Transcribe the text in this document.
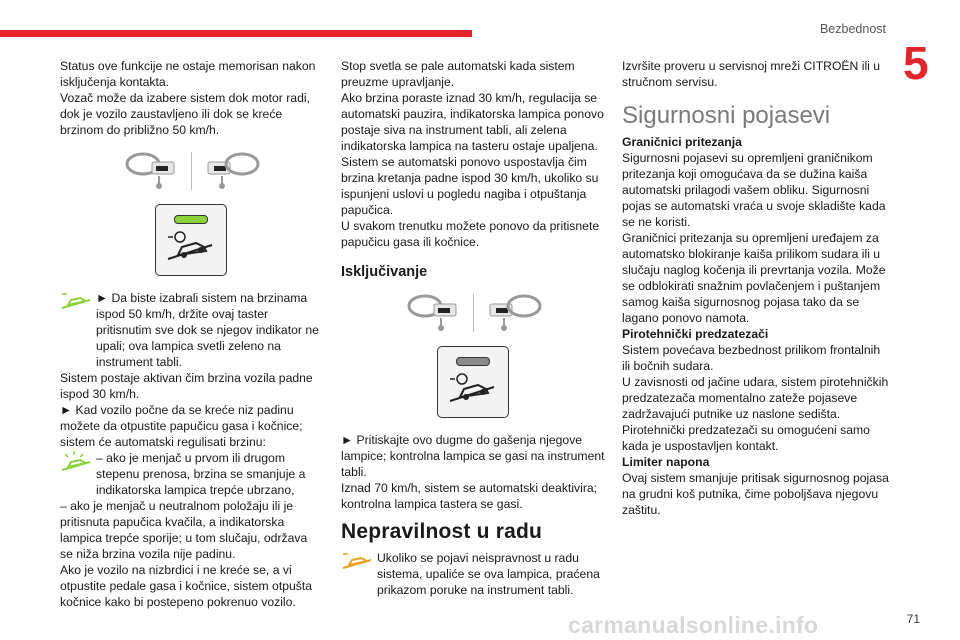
Bezbednost
5

Status ove funkcije ne ostaje memorisan nakon isključenja kontakta.

Vozač može da izabere sistem dok motor radi, dok je vozilo zaustavljeno ili dok se kreće brzinom do približno 50 km/h.

► Da biste izabrali sistem na brzinama ispod 50 km/h, držite ovaj taster pritisnutim sve dok se njegov indikator ne upali; ova lampica svetli zeleno na instrument tabli.

Sistem postaje aktivan čim brzina vozila padne ispod 30 km/h.

► Kad vozilo počne da se kreće niz padinu možete da otpustite papučicu gasa i kočnice; sistem će automatski regulisati brzinu:

– ako je menjač u prvom ili drugom stepenu prenosa, brzina se smanjuje a indikatorska lampica trepće ubrzano,

– ako je menjač u neutralnom položaju ili je pritisnuta papučica kvačila, a indikatorska lampica trepće sporije; u tom slučaju, održava se niža brzina vozila nije padinu.

Ako je vozilo na nizbrdici i ne kreće se, a vi otpustite pedale gasa i kočnice, sistem otpušta kočnice kako bi postepeno pokrenuo vozilo.

Stop svetla se pale automatski kada sistem preuzme upravljanje.

Ako brzina poraste iznad 30 km/h, regulacija se automatski pauzira, indikatorska lampica ponovo postaje siva na instrument tabli, ali zelena indikatorska lampica na tasteru ostaje upaljena.

Sistem se automatski ponovo uspostavlja čim brzina kretanja padne ispod 30 km/h, ukoliko su ispunjeni uslovi u pogledu nagiba i otpuštanja papučica.

U svakom trenutku možete ponovo da pritisnete papučicu gasa ili kočnice.

Isključivanje

► Pritiskajte ovo dugme do gašenja njegove lampice; kontrolna lampica se gasi na instrument tabli.

Iznad 70 km/h, sistem se automatski deaktivira; kontrolna lampica tastera se gasi.

Nepravilnost u radu

Ukoliko se pojavi neispravnost u radu sistema, upaliće se ova lampica, praćena prikazom poruke na instrument tabli.

Izvršite proveru u servisnoj mreži CITROËN ili u stručnom servisu.

Sigurnosni pojasevi

Graničnici pritezanja

Sigurnosni pojasevi su opremljeni graničnikom pritezanja koji omogućava da se dužina kaiša automatski prilagodi vašem obliku. Sigurnosni pojas se automatski vraća u svoje skladište kada se ne koristi.

Graničnici pritezanja su opremljeni uređajem za automatsko blokiranje kaiša prilikom sudara ili u slučaju naglog kočenja ili prevrtanja vozila. Može se odblokirati snažnim povlačenjem i puštanjem samog kaiša sigurnosnog pojasa tako da se lagano ponovo namota.

Pirotehnički predzatezači

Sistem povećava bezbednost prilikom frontalnih ili bočnih sudara.

U zavisnosti od jačine udara, sistem pirotehničkih predzatezača momentalno zateže pojaseve zadržavajući putnike uz naslone sedišta.

Pirotehnički predzatezači su omogućeni samo kada je uspostavljen kontakt.

Limiter napona

Ovaj sistem smanjuje pritisak sigurnosnog pojasa na grudni koš putnika, čime poboljšava njegovu zaštitu.

carmanualsonline.info	71
